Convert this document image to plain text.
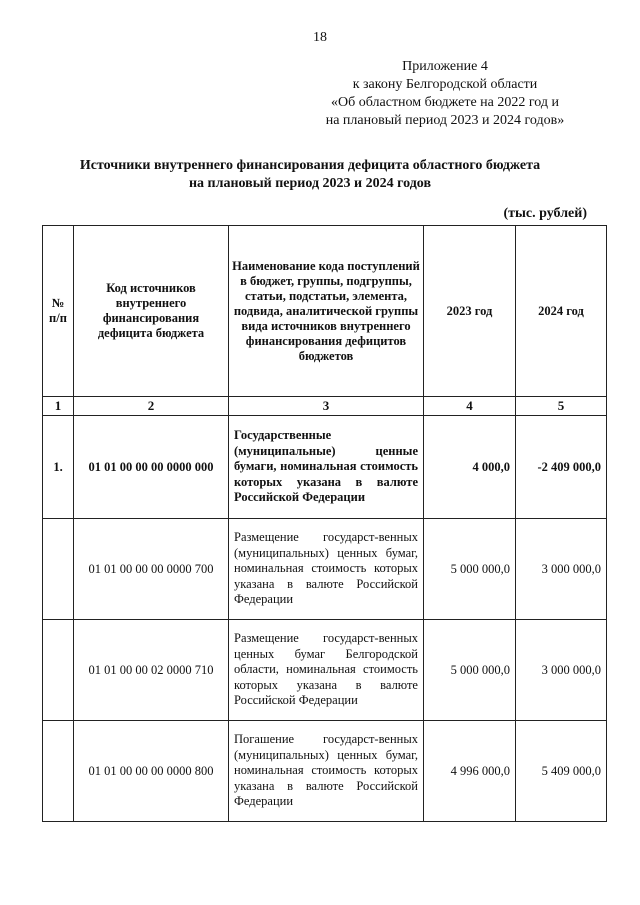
18
Приложение 4
к закону Белгородской области
«Об областном бюджете на 2022 год и
на плановый период 2023 и 2024 годов»
Источники внутреннего финансирования дефицита областного бюджета
на плановый период 2023 и 2024 годов
(тыс. рублей)
№ п/п	Код источников внутреннего финансирования дефицита бюджета	Наименование кода поступлений в бюджет, группы, подгруппы, статьи, подстатьи, элемента, подвида, аналитической группы вида источников внутреннего финансирования дефицитов бюджетов	2023 год	2024 год
1	2	3	4	5
1.	01 01 00 00 00 0000 000	Государственные (муниципальные) ценные бумаги, номинальная стоимость которых указана в валюте Российской Федерации	4 000,0	-2 409 000,0
	01 01 00 00 00 0000 700	Размещение государст-венных (муниципальных) ценных бумаг, номинальная стоимость которых указана в валюте Российской Федерации	5 000 000,0	3 000 000,0
	01 01 00 00 02 0000 710	Размещение государст-венных ценных бумаг Белгородской области, номинальная стоимость которых указана в валюте Российской Федерации	5 000 000,0	3 000 000,0
	01 01 00 00 00 0000 800	Погашение государст-венных (муниципальных) ценных бумаг, номинальная стоимость которых указана в валюте Российской Федерации	4 996 000,0	5 409 000,0
